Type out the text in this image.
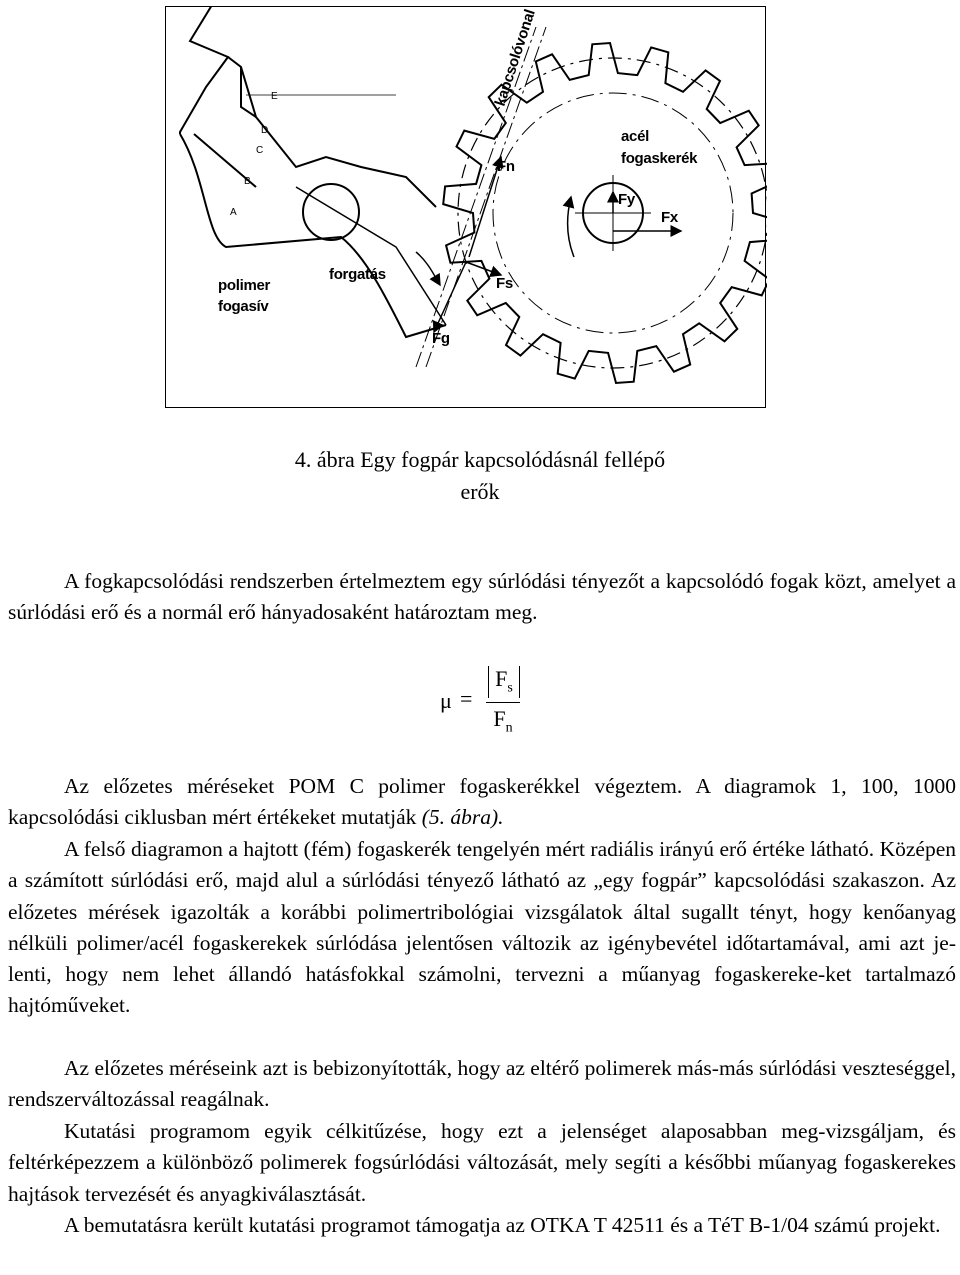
kapcsolóvonal
acél
fogaskerék
Fn
Fy
Fx
Fs
Fg
forgatás
polimer
fogasív
A
B
C
D
E
4. ábra Egy fogpár kapcsolódásnál fellépő
erők

A fogkapcsolódási rendszerben értelmeztem egy súrlódási tényezőt a kapcsolódó fogak közt, amelyet a súrlódási erő és a normál erő hányadosaként határoztam meg.

μ =
$F_s$
$F_n$

Az előzetes méréseket POM C polimer fogaskerékkel végeztem. A diagramok 1, 100, 1000 kapcsolódási ciklusban mért értékeket mutatják (5. ábra).

A felső diagramon a hajtott (fém) fogaskerék tengelyén mért radiális irányú erő értéke látható. Középen a számított súrlódási erő, majd alul a súrlódási tényező látható az „egy fogpár” kapcsolódási szakaszon. Az előzetes mérések igazolták a korábbi polimertribológiai vizsgálatok által sugallt tényt, hogy kenőanyag nélküli polimer/acél fogaskerekek súrlódása jelentősen változik az igénybevétel időtartamával, ami azt je-lenti, hogy nem lehet állandó hatásfokkal számolni, tervezni a műanyag fogaskereke-ket tartalmazó hajtóműveket.

Az előzetes méréseink azt is bebizonyították, hogy az eltérő polimerek más-más súrlódási veszteséggel, rendszerváltozással reagálnak.

Kutatási programom egyik célkitűzése, hogy ezt a jelenséget alaposabban meg-vizsgáljam, és feltérképezzem a különböző polimerek fogsúrlódási változását, mely segíti a későbbi műanyag fogaskerekes hajtások tervezését és anyagkiválasztását.

A bemutatásra került kutatási programot támogatja az OTKA T 42511 és a TéT B-1/04 számú projekt.
